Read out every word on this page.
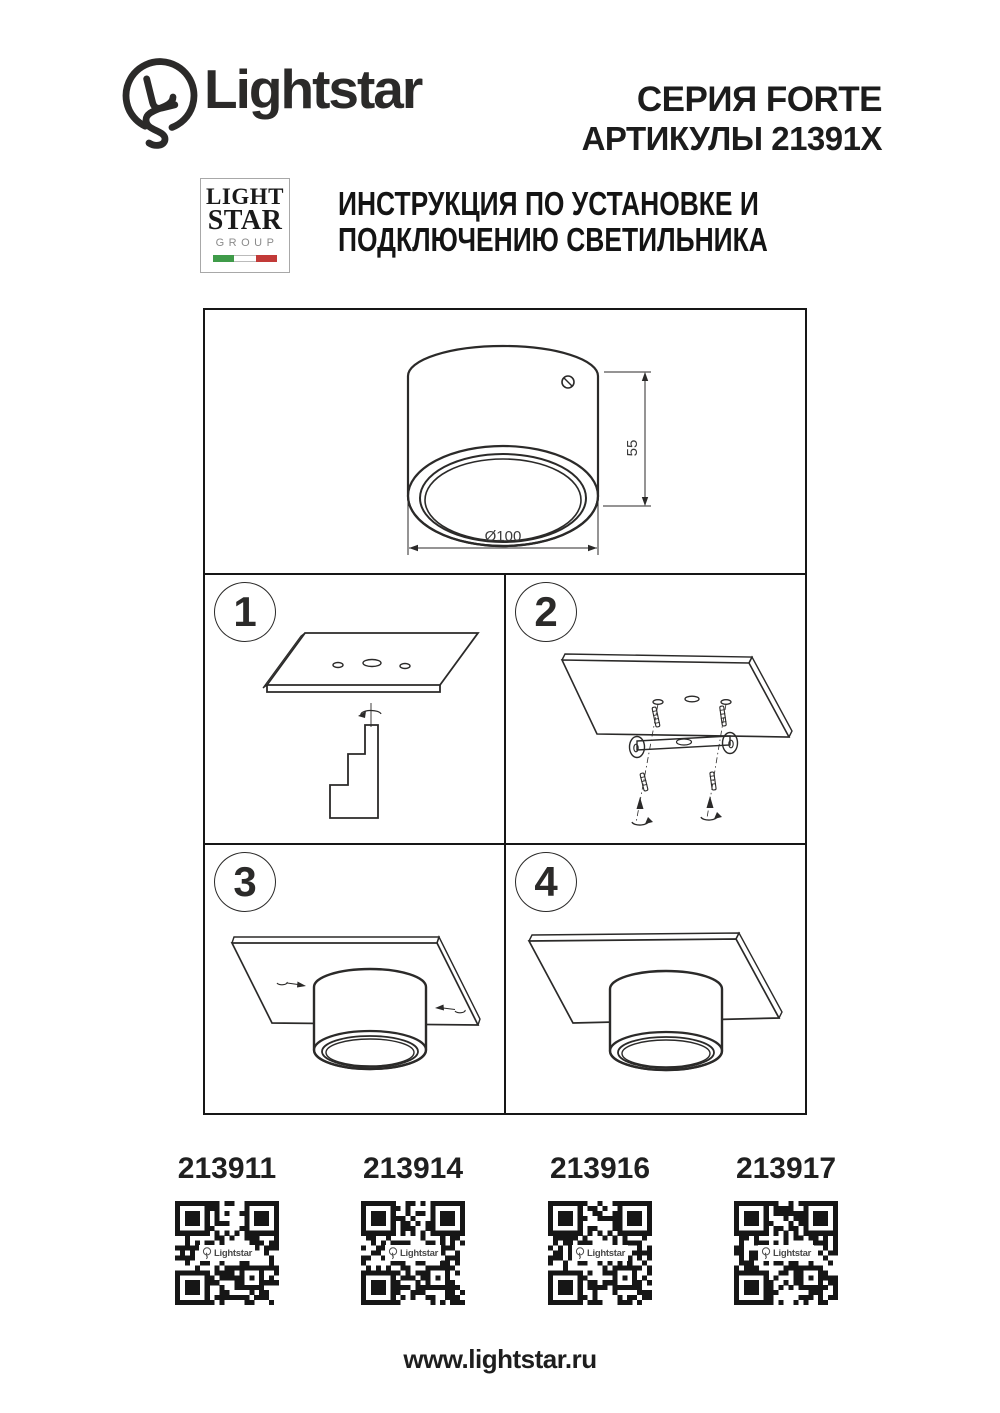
Lightstar	СЕРИЯ FORTE
АРТИКУЛЫ 21391X
LIGHT
STAR
GROUP
ИНСТРУКЦИЯ ПО УСТАНОВКЕ И
ПОДКЛЮЧЕНИЮ СВЕТИЛЬНИКА
55
Ø100
1	2
3	4
213911
Lightstar
213914
Lightstar
213916
Lightstar
213917
Lightstar
www.lightstar.ru
